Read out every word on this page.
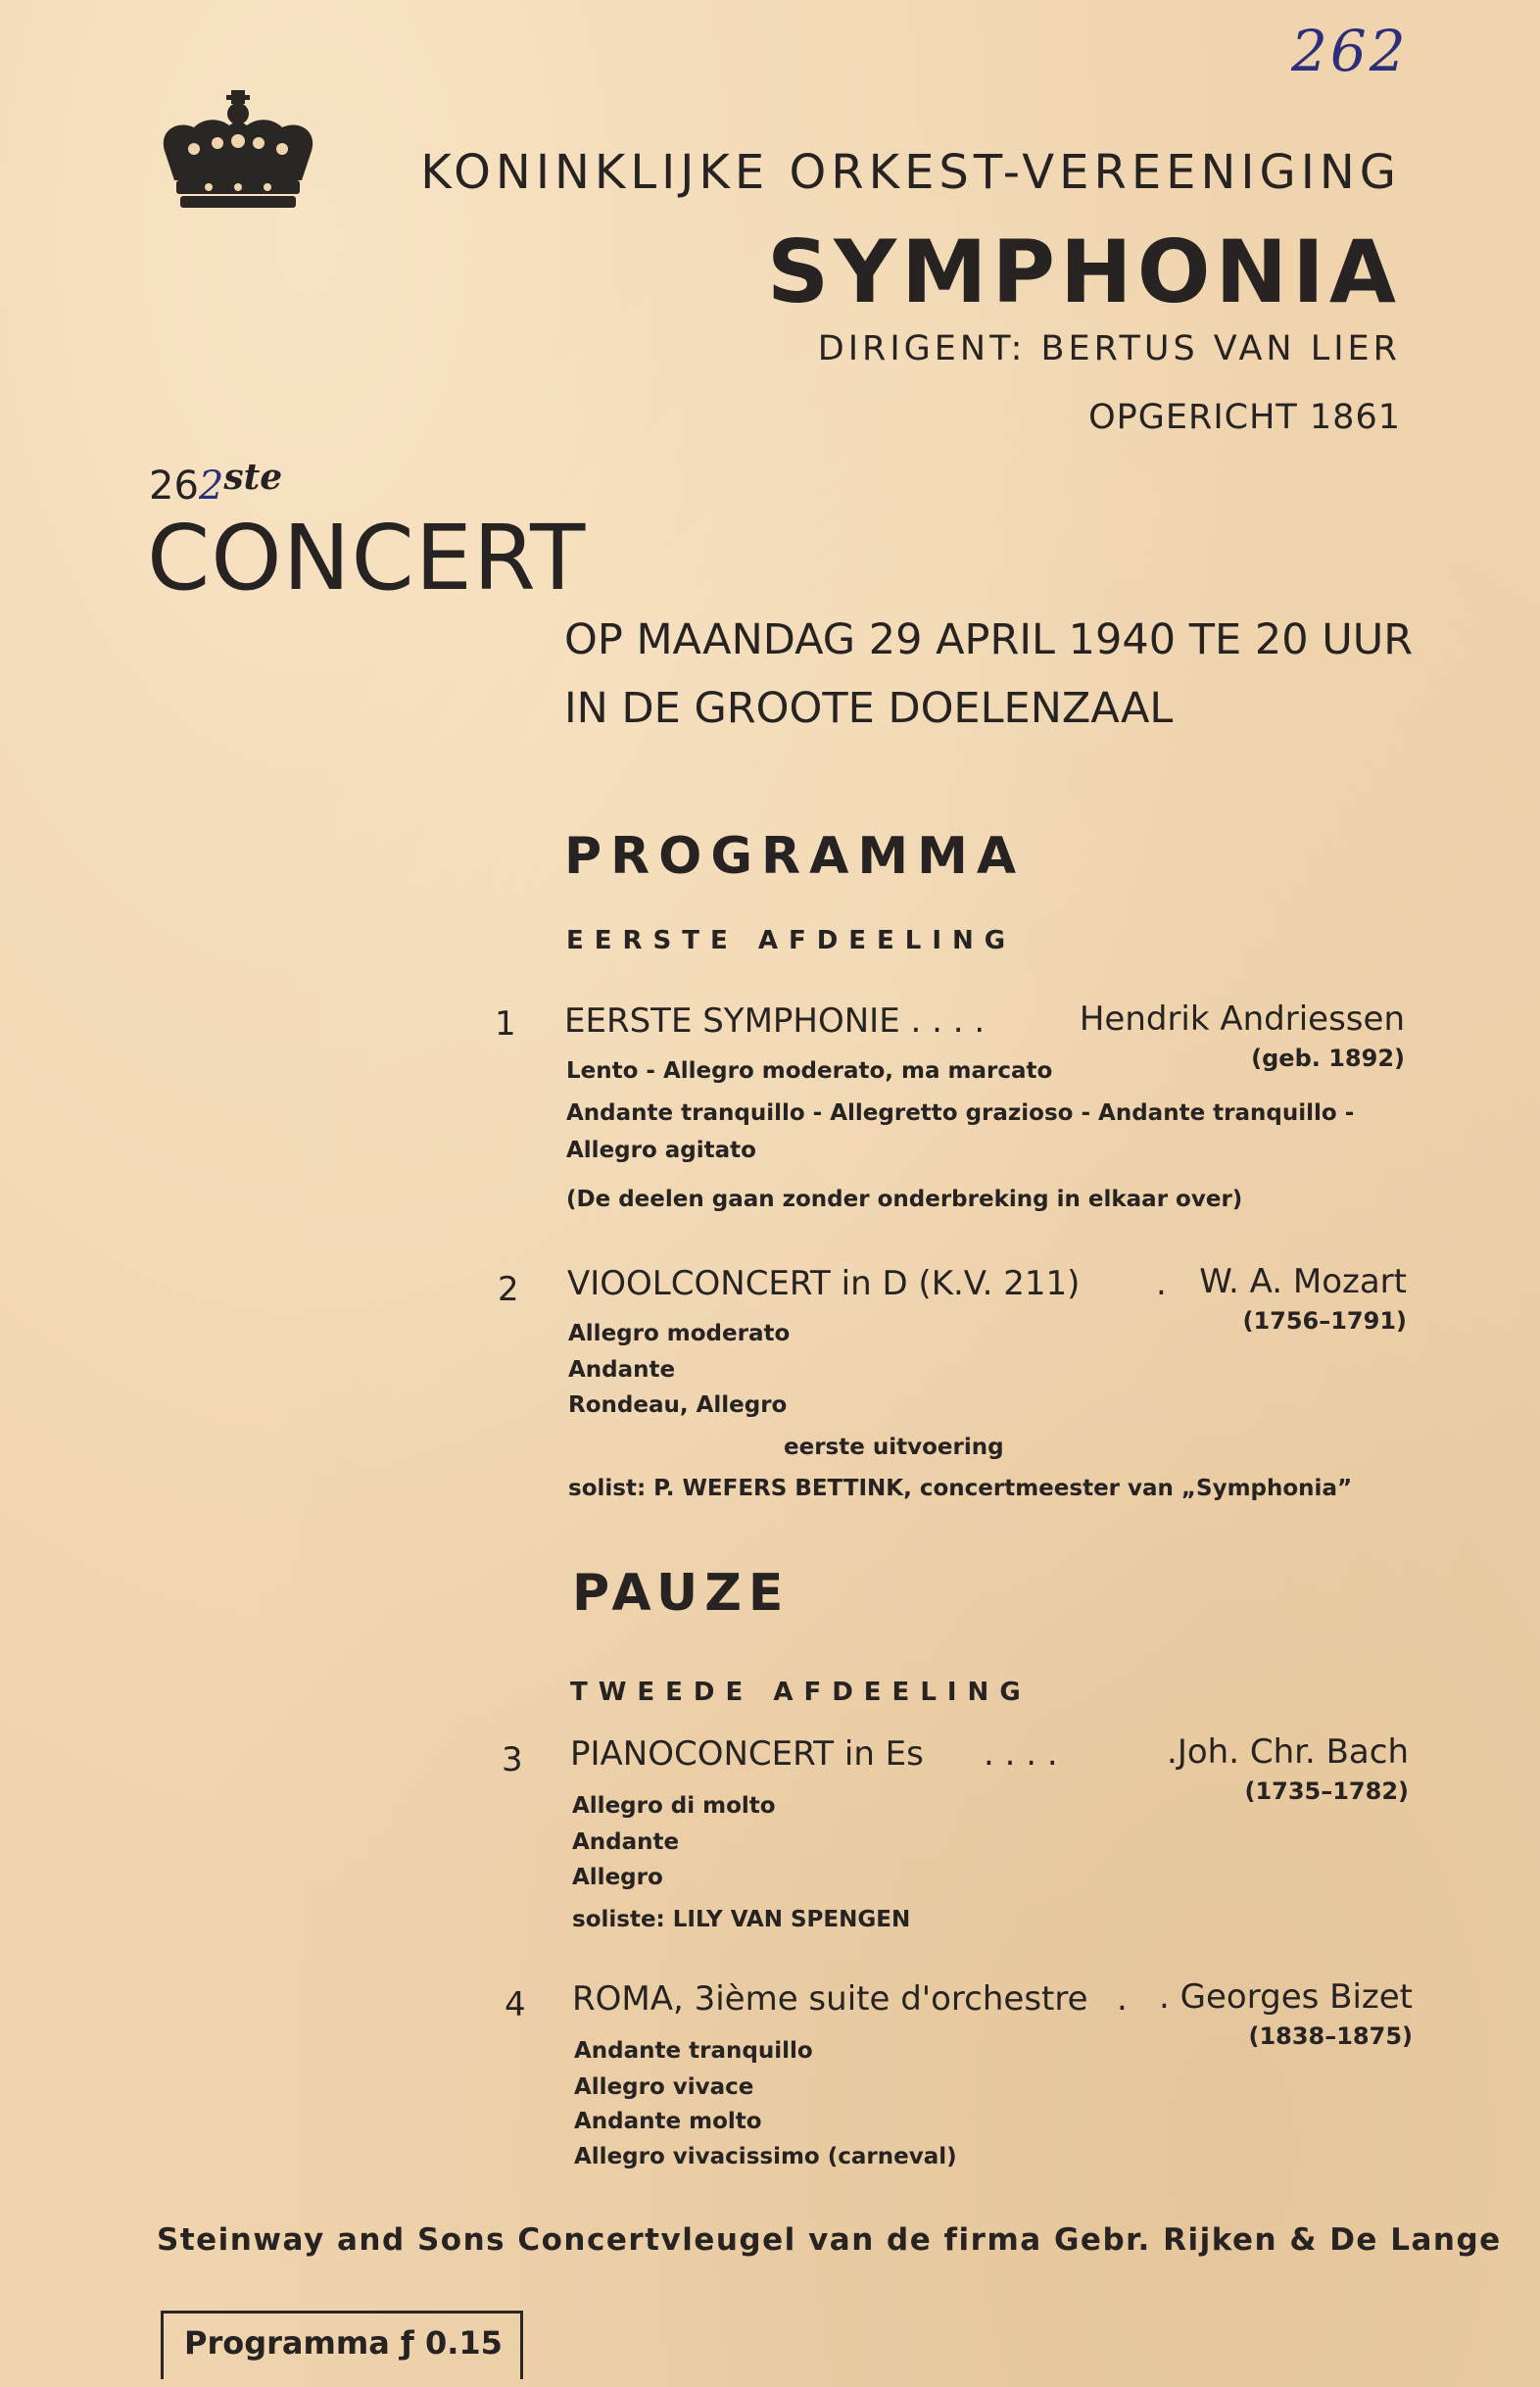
262
KONINKLIJKE ORKEST-VEREENIGING
SYMPHONIA
DIRIGENT: BERTUS VAN LIER
OPGERICHT 1861
262ste
CONCERT
OP MAANDAG 29 APRIL 1940 TE 20 UUR
IN DE GROOTE DOELENZAAL
PROGRAMMA
EERSTE AFDEELING
1 EERSTE SYMPHONIE . . . .	Hendrik Andriessen
(geb. 1892)
Lento - Allegro moderato, ma marcato
Andante tranquillo - Allegretto grazioso - Andante tranquillo -
Allegro agitato
(De deelen gaan zonder onderbreking in elkaar over)
2 VIOOLCONCERT in D (K.V. 211) . W. A. Mozart
(1756–1791)
Allegro moderato
Andante
Rondeau, Allegro
eerste uitvoering
solist: P. WEFERS BETTINK, concertmeester van „Symphonia”
PAUZE
TWEEDE AFDEELING
3 PIANOCONCERT in Es . . . .	.Joh. Chr. Bach
(1735–1782)
Allegro di molto
Andante
Allegro
soliste: LILY VAN SPENGEN
4 ROMA, 3ième suite d'orchestre . . Georges Bizet
(1838–1875)
Andante tranquillo
Allegro vivace
Andante molto
Allegro vivacissimo (carneval)
Steinway and Sons Concertvleugel van de firma Gebr. Rijken & De Lange
Programma ƒ 0.15
